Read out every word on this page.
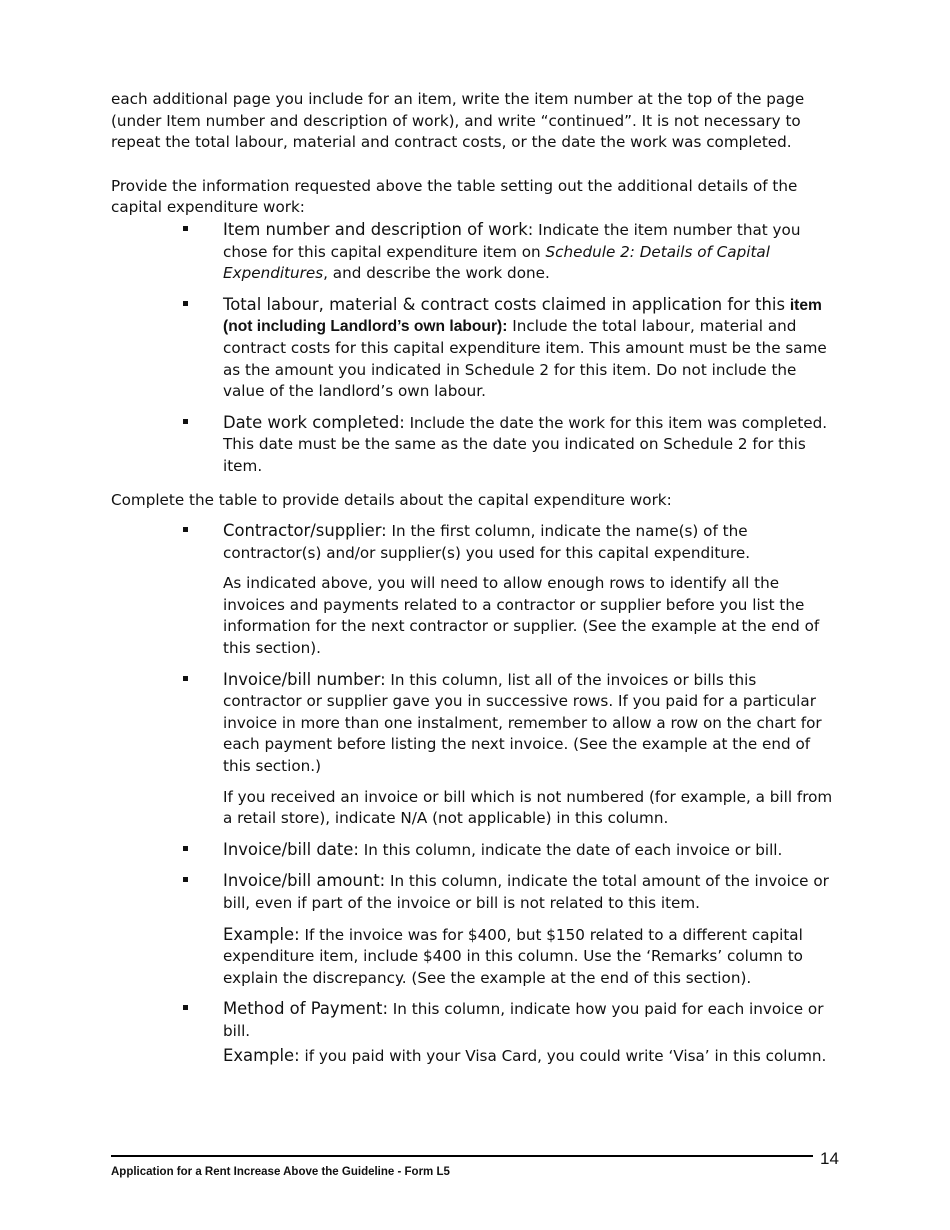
each additional page you include for an item, write the item number at the top of the page (under Item number and description of work), and write “continued”. It is not necessary to repeat the total labour, material and contract costs, or the date the work was completed.

Provide the information requested above the table setting out the additional details of the capital expenditure work:

Item number and description of work: Indicate the item number that you chose for this capital expenditure item on Schedule 2: Details of Capital Expenditures, and describe the work done.
Total labour, material & contract costs claimed in application for this item (not including Landlord’s own labour): Include the total labour, material and contract costs for this capital expenditure item. This amount must be the same as the amount you indicated in Schedule 2 for this item. Do not include the value of the landlord’s own labour.
Date work completed: Include the date the work for this item was completed. This date must be the same as the date you indicated on Schedule 2 for this item.

Complete the table to provide details about the capital expenditure work:

Contractor/supplier: In the first column, indicate the name(s) of the contractor(s) and/or supplier(s) you used for this capital expenditure.
As indicated above, you will need to allow enough rows to identify all the invoices and payments related to a contractor or supplier before you list the information for the next contractor or supplier. (See the example at the end of this section).
Invoice/bill number: In this column, list all of the invoices or bills this contractor or supplier gave you in successive rows. If you paid for a particular invoice in more than one instalment, remember to allow a row on the chart for each payment before listing the next invoice. (See the example at the end of this section.)
If you received an invoice or bill which is not numbered (for example, a bill from a retail store), indicate N/A (not applicable) in this column.
Invoice/bill date: In this column, indicate the date of each invoice or bill.
Invoice/bill amount: In this column, indicate the total amount of the invoice or bill, even if part of the invoice or bill is not related to this item.
Example: If the invoice was for $400, but $150 related to a different capital expenditure item, include $400 in this column. Use the ‘Remarks’ column to explain the discrepancy. (See the example at the end of this section).
Method of Payment: In this column, indicate how you paid for each invoice or bill.
Example: if you paid with your Visa Card, you could write ‘Visa’ in this column.
14
Application for a Rent Increase Above the Guideline - Form L5
